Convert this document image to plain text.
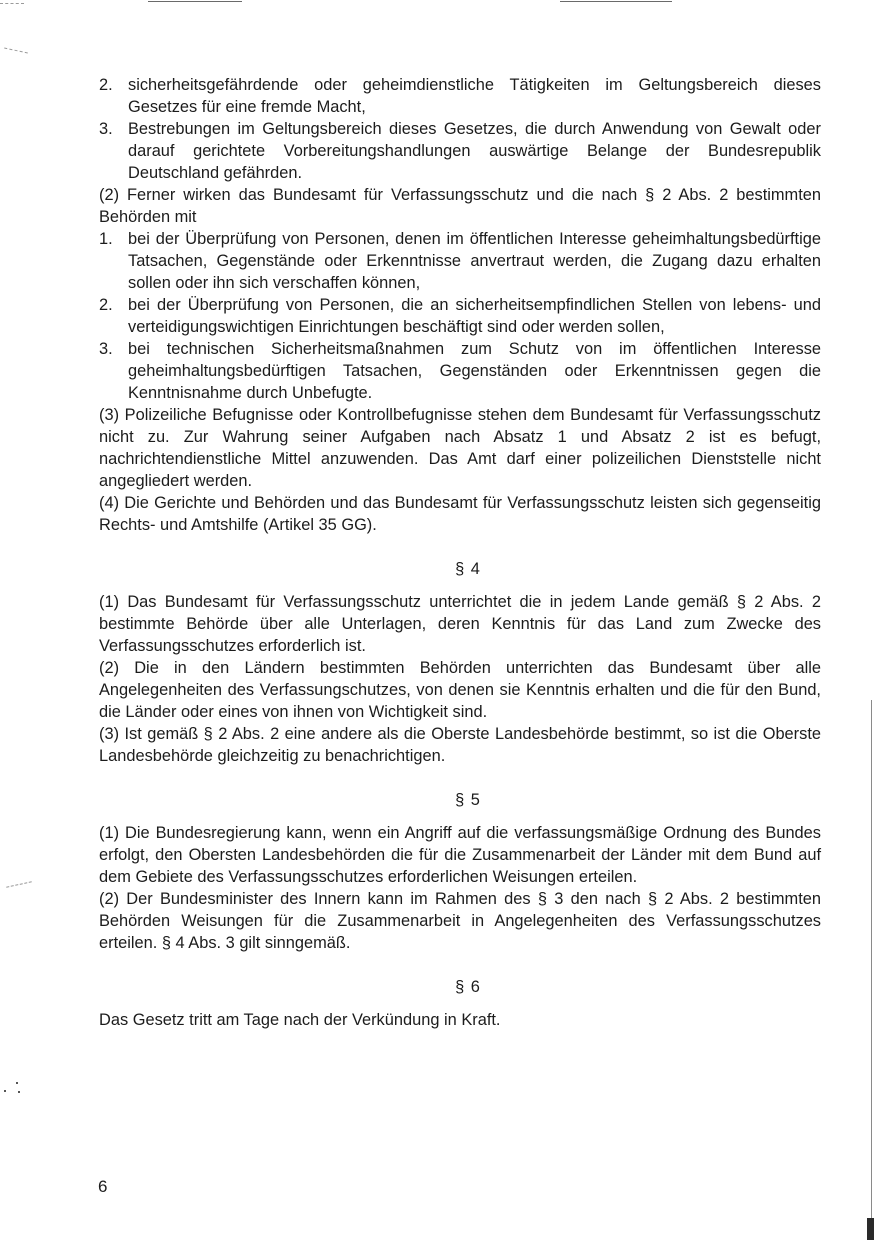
2. sicherheitsgefährdende oder geheimdienstliche Tätigkeiten im Geltungsbereich dieses Gesetzes für eine fremde Macht,
3. Bestrebungen im Geltungsbereich dieses Gesetzes, die durch Anwendung von Gewalt oder darauf gerichtete Vorbereitungshandlungen auswärtige Belange der Bundesrepublik Deutschland gefährden.
(2) Ferner wirken das Bundesamt für Verfassungsschutz und die nach § 2 Abs. 2 bestimmten Behörden mit
1. bei der Überprüfung von Personen, denen im öffentlichen Interesse geheimhaltungsbedürftige Tatsachen, Gegenstände oder Erkenntnisse anvertraut werden, die Zugang dazu erhalten sollen oder ihn sich verschaffen können,
2. bei der Überprüfung von Personen, die an sicherheitsempfindlichen Stellen von lebens- und verteidigungswichtigen Einrichtungen beschäftigt sind oder werden sollen,
3. bei technischen Sicherheitsmaßnahmen zum Schutz von im öffentlichen Interesse geheimhaltungsbedürftigen Tatsachen, Gegenständen oder Erkenntnissen gegen die Kenntnisnahme durch Unbefugte.
(3) Polizeiliche Befugnisse oder Kontrollbefugnisse stehen dem Bundesamt für Verfassungsschutz nicht zu. Zur Wahrung seiner Aufgaben nach Absatz 1 und Absatz 2 ist es befugt, nachrichtendienstliche Mittel anzuwenden. Das Amt darf einer polizeilichen Dienststelle nicht angegliedert werden.
(4) Die Gerichte und Behörden und das Bundesamt für Verfassungsschutz leisten sich gegenseitig Rechts- und Amtshilfe (Artikel 35 GG).
§ 4
(1) Das Bundesamt für Verfassungsschutz unterrichtet die in jedem Lande gemäß § 2 Abs. 2 bestimmte Behörde über alle Unterlagen, deren Kenntnis für das Land zum Zwecke des Verfassungsschutzes erforderlich ist.
(2) Die in den Ländern bestimmten Behörden unterrichten das Bundesamt über alle Angelegenheiten des Verfassungschutzes, von denen sie Kenntnis erhalten und die für den Bund, die Länder oder eines von ihnen von Wichtigkeit sind.
(3) Ist gemäß § 2 Abs. 2 eine andere als die Oberste Landesbehörde bestimmt, so ist die Oberste Landesbehörde gleichzeitig zu benachrichtigen.
§ 5
(1) Die Bundesregierung kann, wenn ein Angriff auf die verfassungsmäßige Ordnung des Bundes erfolgt, den Obersten Landesbehörden die für die Zusammenarbeit der Länder mit dem Bund auf dem Gebiete des Verfassungsschutzes erforderlichen Weisungen erteilen.
(2) Der Bundesminister des Innern kann im Rahmen des § 3 den nach § 2 Abs. 2 bestimmten Behörden Weisungen für die Zusammenarbeit in Angelegenheiten des Verfassungsschutzes erteilen. § 4 Abs. 3 gilt sinngemäß.
§ 6
Das Gesetz tritt am Tage nach der Verkündung in Kraft.
6
